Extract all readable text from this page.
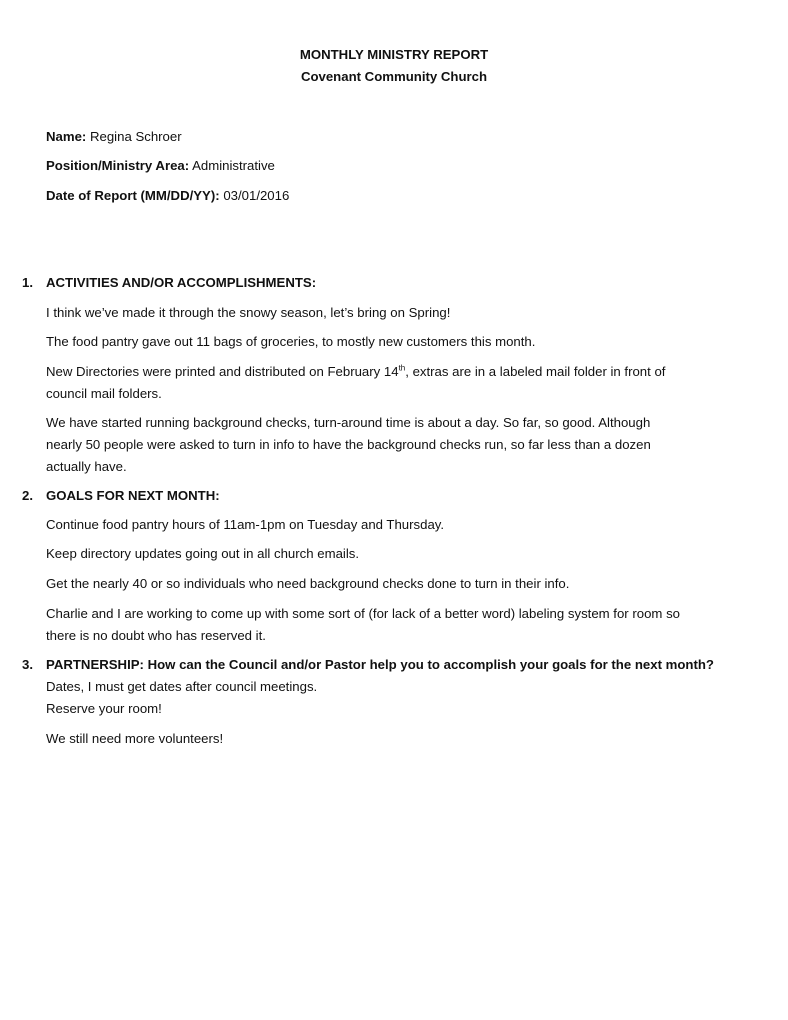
MONTHLY MINISTRY REPORT
Covenant Community Church
Name: Regina Schroer
Position/Ministry Area: Administrative
Date of Report (MM/DD/YY): 03/01/2016
1. ACTIVITIES AND/OR ACCOMPLISHMENTS:
I think we’ve made it through the snowy season, let’s bring on Spring!
The food pantry gave out 11 bags of groceries, to mostly new customers this month.
New Directories were printed and distributed on February 14th, extras are in a labeled mail folder in front of
council mail folders.
We have started running background checks, turn-around time is about a day. So far, so good. Although
nearly 50 people were asked to turn in info to have the background checks run, so far less than a dozen
actually have.
2. GOALS FOR NEXT MONTH:
Continue food pantry hours of 11am-1pm on Tuesday and Thursday.
Keep directory updates going out in all church emails.
Get the nearly 40 or so individuals who need background checks done to turn in their info.
Charlie and I are working to come up with some sort of (for lack of a better word) labeling system for room so
there is no doubt who has reserved it.
3. PARTNERSHIP: How can the Council and/or Pastor help you to accomplish your goals for the next month?
Dates, I must get dates after council meetings.
Reserve your room!
We still need more volunteers!
